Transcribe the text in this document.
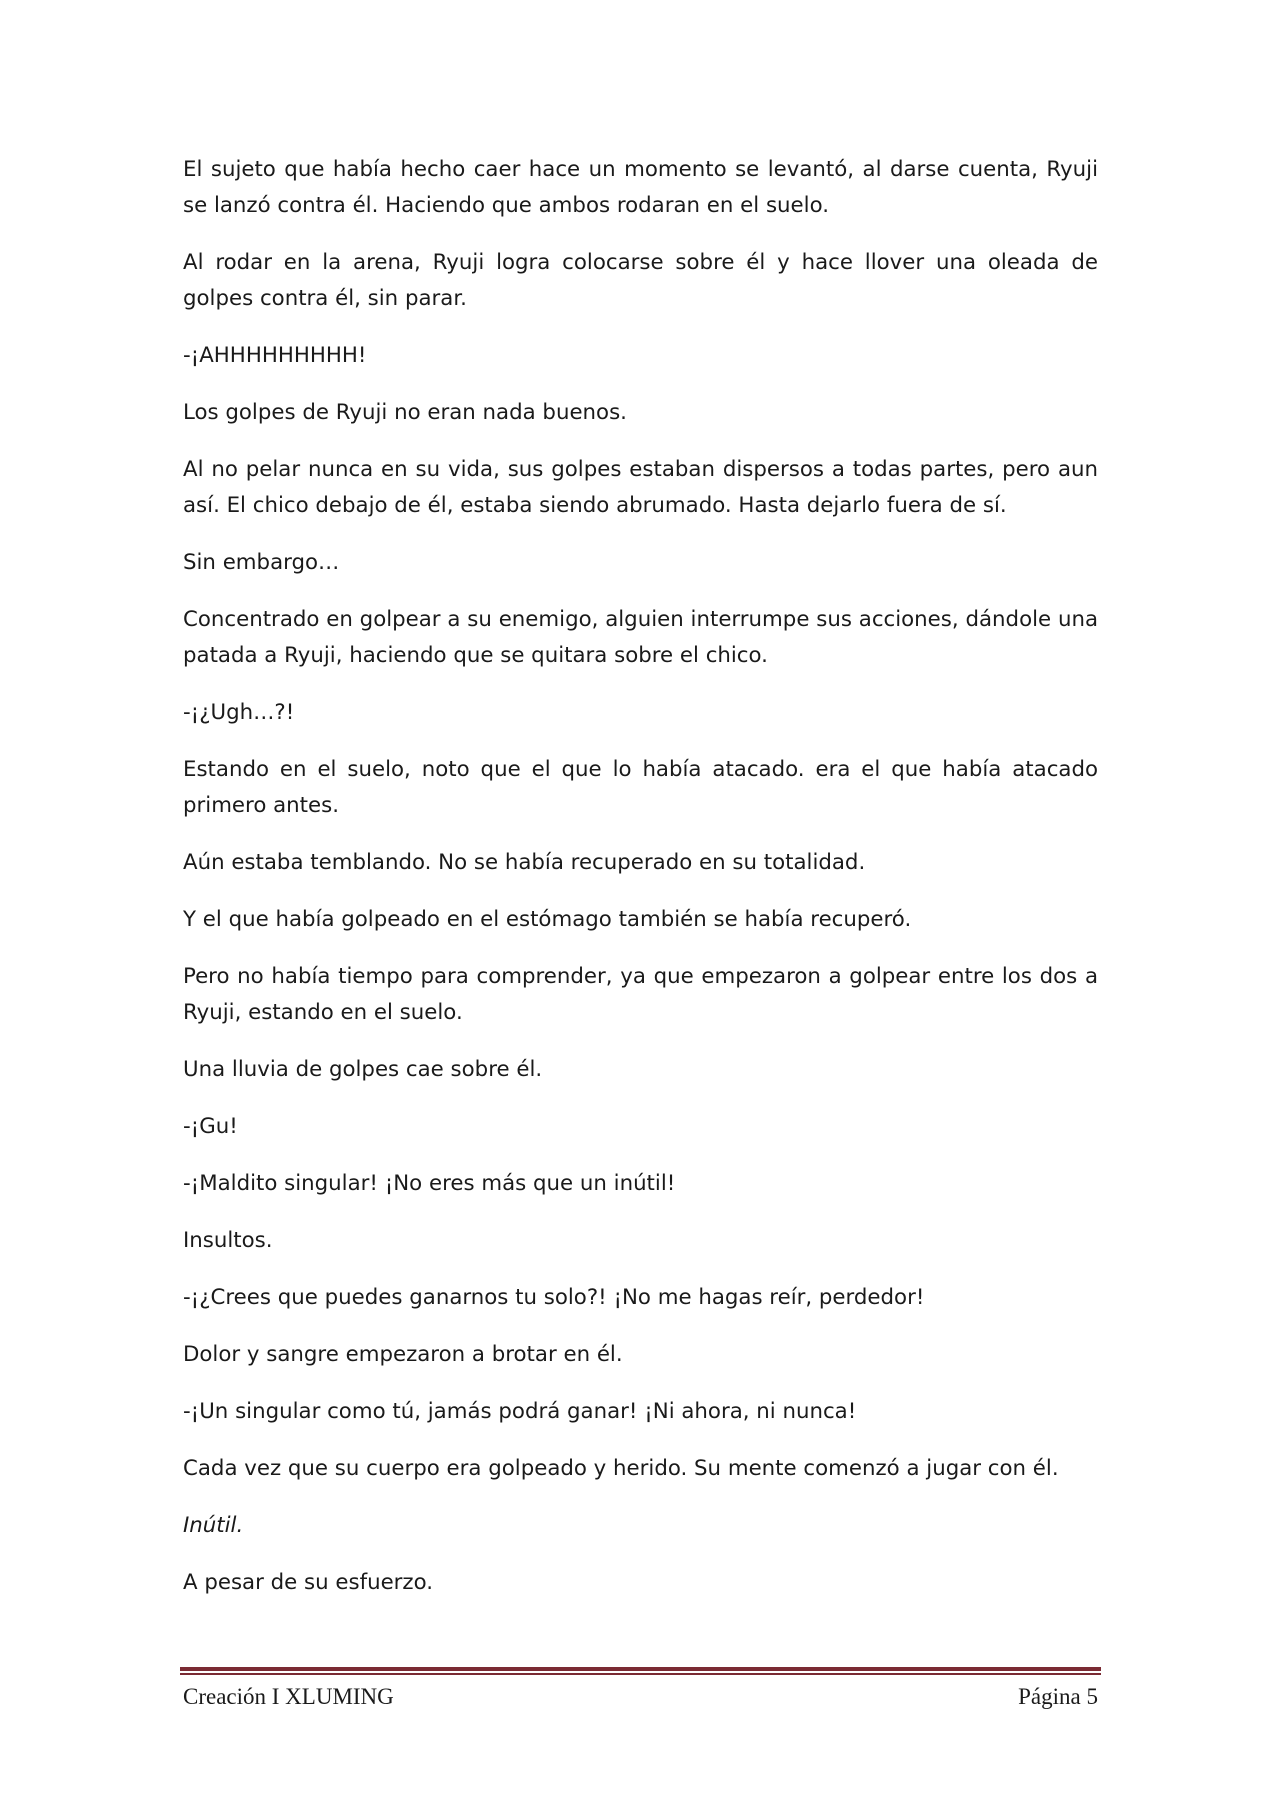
El sujeto que había hecho caer hace un momento se levantó, al darse cuenta, Ryuji se lanzó contra él. Haciendo que ambos rodaran en el suelo.

Al rodar en la arena, Ryuji logra colocarse sobre él y hace llover una oleada de golpes contra él, sin parar.

-¡AHHHHHHHHH!

Los golpes de Ryuji no eran nada buenos.

Al no pelar nunca en su vida, sus golpes estaban dispersos a todas partes, pero aun así. El chico debajo de él, estaba siendo abrumado. Hasta dejarlo fuera de sí.

Sin embargo…

Concentrado en golpear a su enemigo, alguien interrumpe sus acciones, dándole una patada a Ryuji, haciendo que se quitara sobre el chico.

-¡¿Ugh…?!

Estando en el suelo, noto que el que lo había atacado. era el que había atacado primero antes.

Aún estaba temblando. No se había recuperado en su totalidad.

Y el que había golpeado en el estómago también se había recuperó.

Pero no había tiempo para comprender, ya que empezaron a golpear entre los dos a Ryuji, estando en el suelo.

Una lluvia de golpes cae sobre él.

-¡Gu!

-¡Maldito singular! ¡No eres más que un inútil!

Insultos.

-¡¿Crees que puedes ganarnos tu solo?! ¡No me hagas reír, perdedor!

Dolor y sangre empezaron a brotar en él.

-¡Un singular como tú, jamás podrá ganar! ¡Ni ahora, ni nunca!

Cada vez que su cuerpo era golpeado y herido. Su mente comenzó a jugar con él.

Inútil.

A pesar de su esfuerzo.

Creación I XLUMING	Página 5
